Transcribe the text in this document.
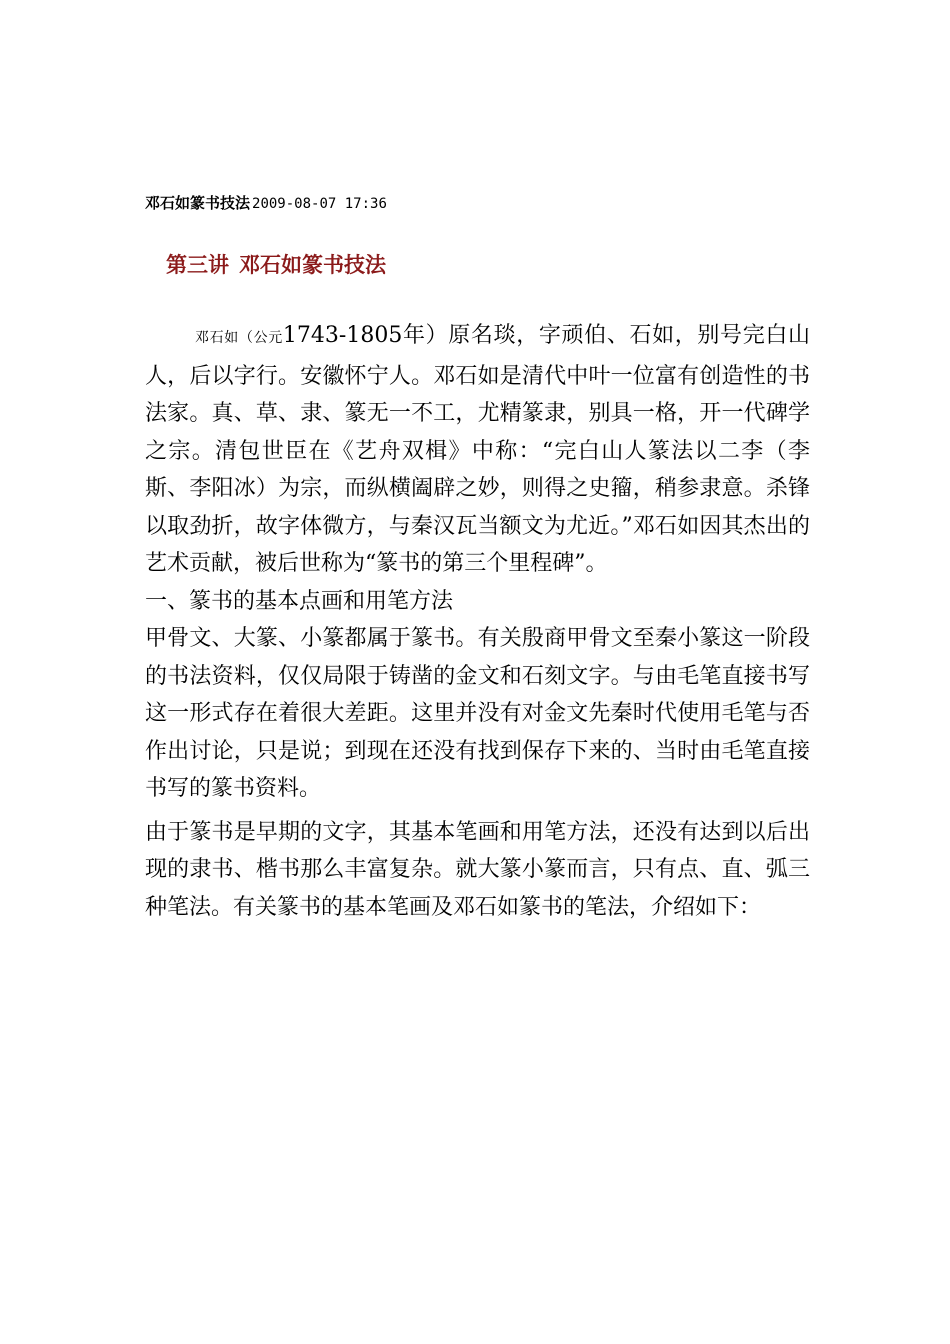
邓石如篆书技法 2009-08-07 17:36
第三讲 邓石如篆书技法

邓石如（公元1743-1805年）原名琰，字顽伯、石如，别号完白山人，后以字行。安徽怀宁人。邓石如是清代中叶一位富有创造性的书法家。真、草、隶、篆无一不工，尤精篆隶，别具一格，开一代碑学之宗。清包世臣在《艺舟双楫》中称：“完白山人篆法以二李（李斯、李阳冰）为宗，而纵横阖辟之妙，则得之史籀，稍参隶意。杀锋以取劲折，故字体微方，与秦汉瓦当额文为尤近。”邓石如因其杰出的艺术贡献，被后世称为“篆书的第三个里程碑”。

一、篆书的基本点画和用笔方法

甲骨文、大篆、小篆都属于篆书。有关殷商甲骨文至秦小篆这一阶段的书法资料，仅仅局限于铸凿的金文和石刻文字。与由毛笔直接书写这一形式存在着很大差距。这里并没有对金文先秦时代使用毛笔与否作出讨论，只是说；到现在还没有找到保存下来的、当时由毛笔直接书写的篆书资料。

由于篆书是早期的文字，其基本笔画和用笔方法，还没有达到以后出现的隶书、楷书那么丰富复杂。就大篆小篆而言，只有点、直、弧三种笔法。有关篆书的基本笔画及邓石如篆书的笔法，介绍如下：
